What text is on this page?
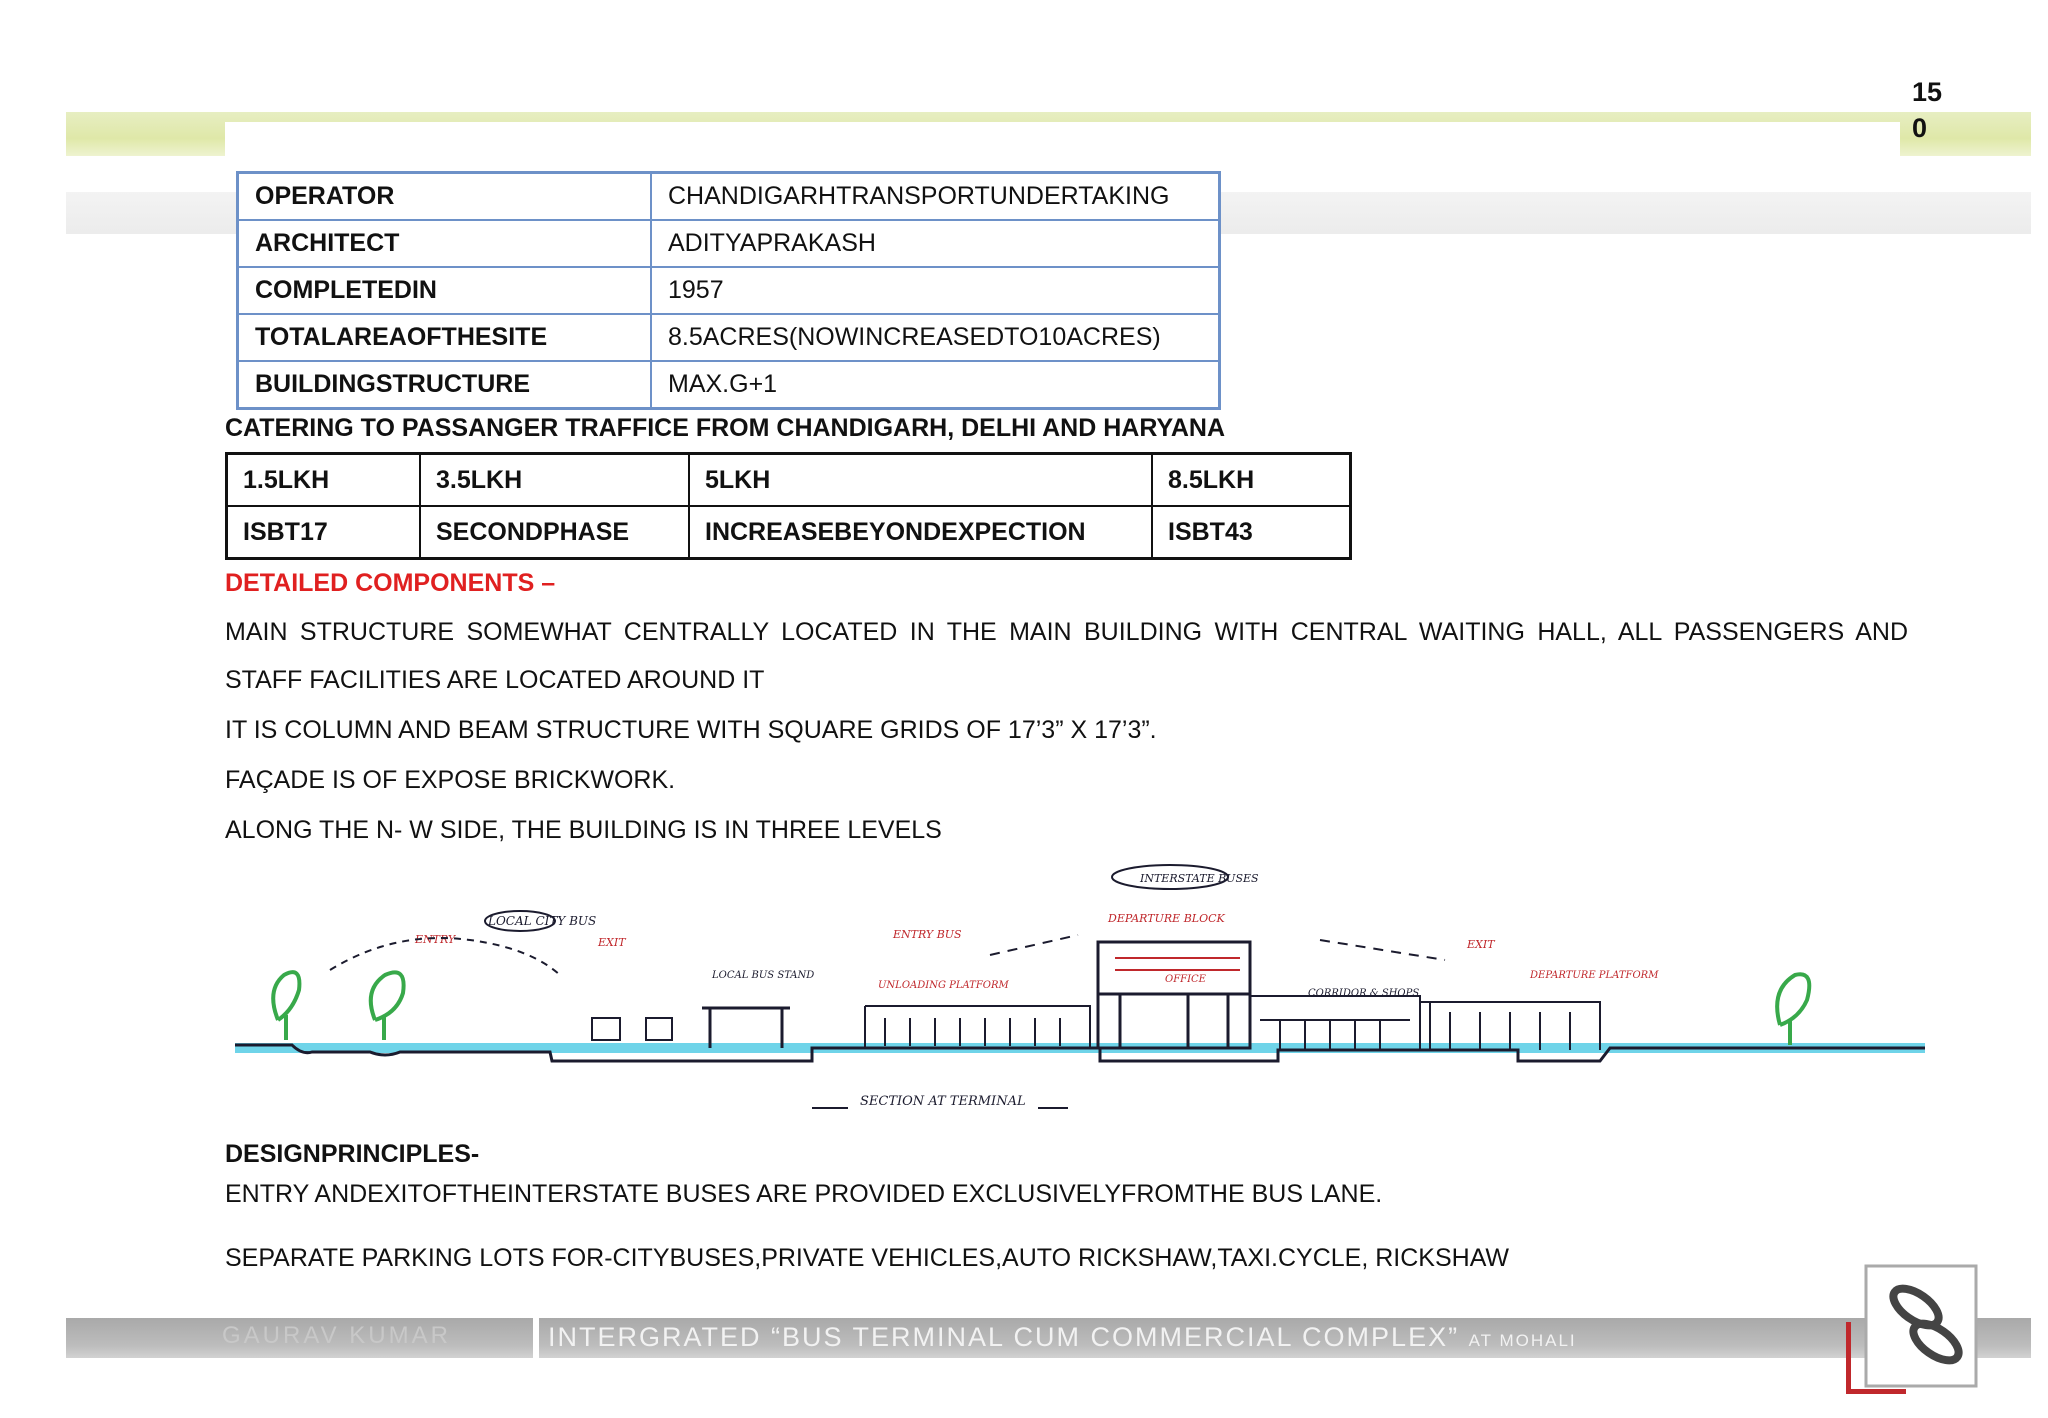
15
0
OPERATOR	CHANDIGARHTRANSPORTUNDERTAKING
ARCHITECT	ADITYAPRAKASH
COMPLETEDIN	1957
TOTALAREAOFTHESITE	8.5ACRES(NOWINCREASEDTO10ACRES)
BUILDINGSTRUCTURE	MAX.G+1
CATERING TO PASSANGER TRAFFICE FROM CHANDIGARH, DELHI AND HARYANA
1.5LKH	3.5LKH	5LKH	8.5LKH
ISBT17	SECONDPHASE	INCREASEBEYONDEXPECTION	ISBT43
DETAILED COMPONENTS –
MAIN STRUCTURE SOMEWHAT CENTRALLY LOCATED IN THE MAIN BUILDING WITH CENTRAL WAITING HALL, ALL PASSENGERS AND STAFF FACILITIES ARE LOCATED AROUND IT
IT IS COLUMN AND BEAM STRUCTURE WITH SQUARE GRIDS OF 17’3” X 17’3”.
FAÇADE IS OF EXPOSE BRICKWORK.
ALONG THE N- W SIDE, THE BUILDING IS IN THREE LEVELS
ENTRY
LOCAL CITY BUS
EXIT
LOCAL BUS STAND
ENTRY BUS
UNLOADING PLATFORM
INTERSTATE BUSES
DEPARTURE BLOCK
OFFICE
EXIT
CORRIDOR & SHOPS
DEPARTURE PLATFORM
SECTION AT TERMINAL
DESIGNPRINCIPLES-
ENTRY ANDEXITOFTHEINTERSTATE BUSES ARE PROVIDED EXCLUSIVELYFROMTHE BUS LANE.
SEPARATE PARKING LOTS FOR-CITYBUSES,PRIVATE VEHICLES,AUTO RICKSHAW,TAXI.CYCLE, RICKSHAW
GAURAV KUMAR	INTERGRATED “BUS TERMINAL CUM COMMERCIAL COMPLEX” AT MOHALI
